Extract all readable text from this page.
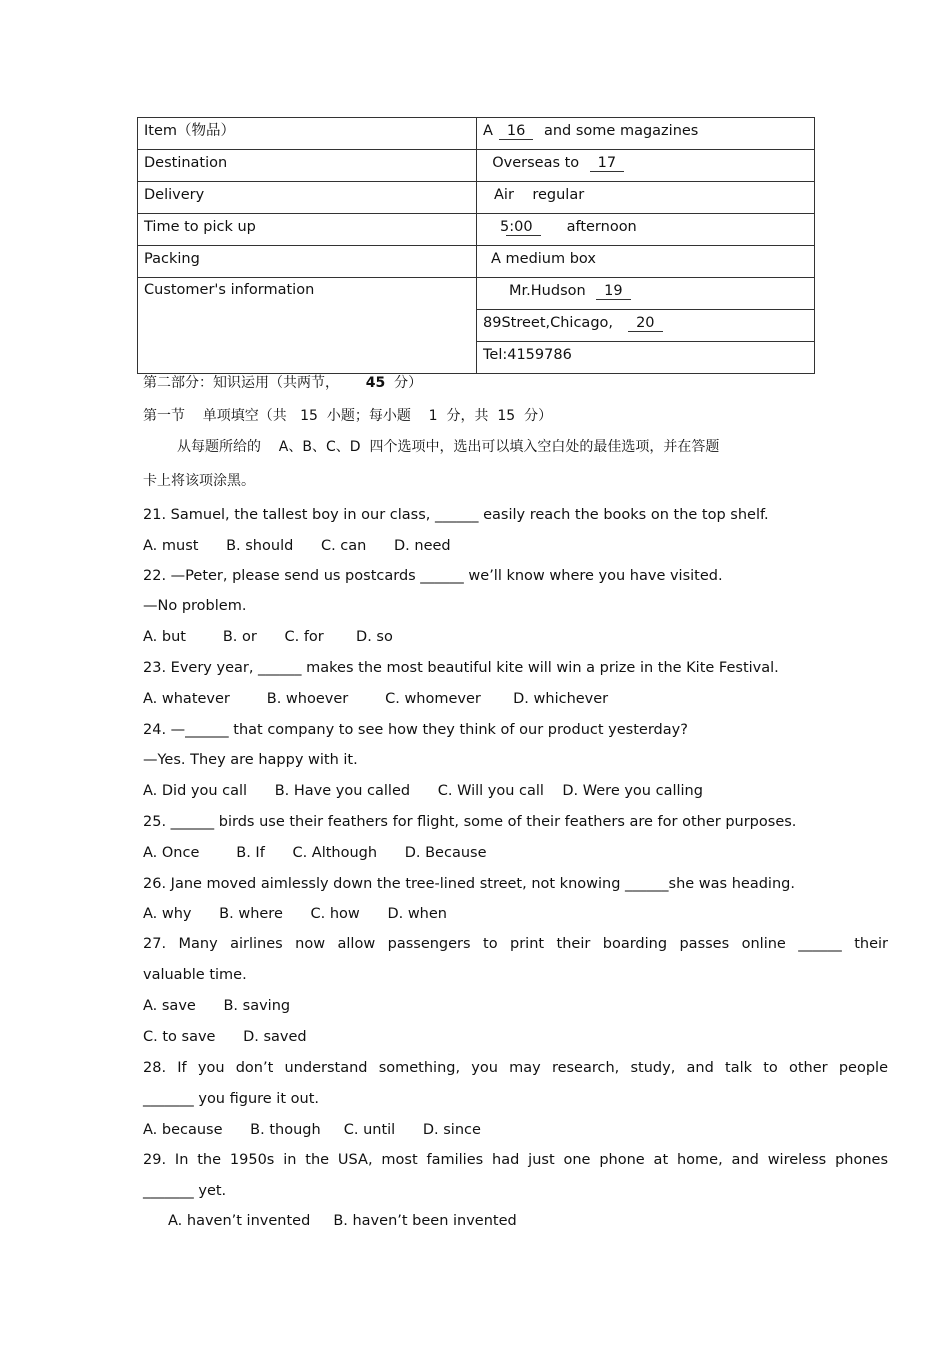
Item（物品）	A 16 and some magazines

Destination	Overseas to 17

Delivery	Air    regular

Time to pick up	5:00 afternoon

Packing	A medium box

Customer's information	Mr.Hudson 19

	89Street,Chicago, 20

	Tel:4159786
第二部分：知识运用（共两节， 45 分）
第一节    单项填空（共   15  小题；每小题    1  分，共  15  分）
从每题所给的    A、B、C、D  四个选项中，选出可以填入空白处的最佳选项，并在答题
卡上将该项涂黑。
21. Samuel, the tallest boy in our class, ______ easily reach the books on the top shelf.
A. must      B. should      C. can      D. need
22. —Peter, please send us postcards ______ we’ll know where you have visited.
—No problem.
A. but        B. or      C. for       D. so
23. Every year, ______ makes the most beautiful kite will win a prize in the Kite Festival.
A. whatever        B. whoever        C. whomever       D. whichever
24. —______ that company to see how they think of our product yesterday?
—Yes. They are happy with it.
A. Did you call      B. Have you called      C. Will you call    D. Were you calling
25. ______ birds use their feathers for flight, some of their feathers are for other purposes.
A. Once        B. If      C. Although      D. Because
26. Jane moved aimlessly down the tree-lined street, not knowing ______she was heading.
A. why      B. where      C. how      D. when
27. Many airlines now allow passengers to print their boarding passes online ______ their
valuable time.
A. save      B. saving
C. to save      D. saved
28. If you don’t understand something, you may research, study, and talk to other people
_______ you figure it out.
A. because      B. though     C. until      D. since
29. In the 1950s in the USA, most families had just one phone at home, and wireless phones
_______ yet.
A. haven’t invented     B. haven’t been invented
